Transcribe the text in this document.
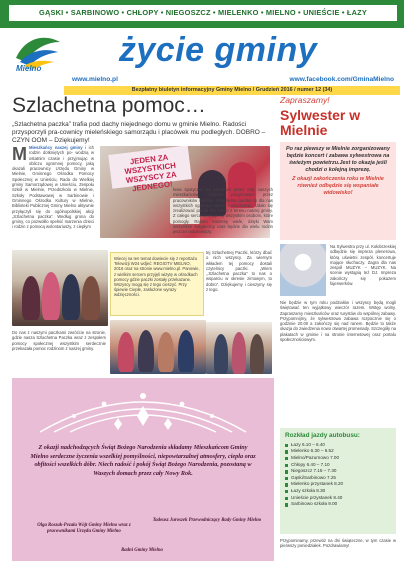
GĄSKI • SARBINOWO • CHŁOPY • NIEGOSZCZ • MIELENKO • MIELNO • UNIEŚCIE • ŁAZY
Mielno	życie gminy
www.mielno.pl	www.facebook.com/GminaMielno
Bezpłatny biuletyn informacyjny Gminy Mielno / Grudzień 2016 / numer 12 (34)
Szlachetna pomoc…
„Szlachetna paczka” trafia pod dachy niejednego domu w gminie Mielno. Radości przysporzyli pra-cownicy mieleńskiego samorządu i placówek mu podległych. DOBRO – CZYN OOM – Dziękujemy!
M Mieszkańcy naszej gminy i ich rodzin dotkniętych po- wodzią w ostatnim czasie i przyjmując w obliczu ogromnej pomocy, jaką okazali pracownicy Urzędu Gminy w Mielnie, Gminnego Ośrodka Pomocy Społecznej w Unieściu, Rada do Wielkiej gminy Samorządowej w Unieściu, Zespołu Szkół w Mielnie, Przedszkola w Mielnie, Szkoły Podstawowej w Sarbinowie i Gminnego Ośrodka Kultury w Mielnie, Biblioteki Publicznej Gminy Mielno aktywnie przyłączyli się do ogólnopolskiej akcji „Szlachetna paczka”. Według grona do gminy, co pozwoliło spełnić marzenia dzieci i rodzin z pomocą wolontariuszy, z ciepłym
JEDEN ZA WSZYSTKICH WSZYSCY ZA JEDNEGO! łowa spotyczni nią paczkach przez cały naszych mieszkańców. Głęboko przyjmowani przez pracowników rodzinę. Szlachetna paczka to dla nas wszystkich ogromna radość i wzruszenie. Udało się zrealizować paczki dla rodzin z terenu naszej gminy. Z całego serca Dziękujemy wszystkim osobom, które pomogły. Razem możemy wiele, dzięki Wam wszystkim świąteczny czas będzie dla wielu rodzin jeszcze radośniejszy.
Wiecej na ten temat dowiecie się z reportażu Telewizji W24 wdjeć: REGIOTV MIELNO, 2016 oraz na stronie www.mielno.pl. Panowie, z wielkim sercem przyjęli wizytę w ośrodkach pomocy gdzie paczki zostały przekazane. Wszyscy mogą się z tego cieszyć. Przy śpiewie Ciepłe, zasłużone wyrazy wdzięczności.
tej Szlachetnej Paczki, którzy dbać o nich wszyscy. Za wiernym wkładem tej pomocy dostali czytelnicy paczki. „Wiem ,,Szlachetna paczka” to nas o wsparciu w okresie zimowym, to dobro”. Dziękujemy i cieszymy się z tego.
Do nas z naszymi paczkami zwróćcie na stronie, gdzie nasza Szlachetna Paczka wraz z zespołem pomocy społecznej wszystkim serdecznie przekazała pomoc rodzinom z naszej gminy.
Z okazji nadchodzących Świąt Bożego Narodzenia składamy Mieszkańcom Gminy Mielno serdeczne życzenia wszelkiej pomyślności, niepowtarzalnej atmosfery, ciepła oraz obfitości wszelkich dóbr. Niech radość i pokój Świąt Bożego Narodzenia, pozostaną w Waszych domach przez cały Nowy Rok.
Olga Roszak-Pezała Wójt Gminy Mielno wraz z pracownikami Urzędu Gminy Mielno
Tadeusz Juroszek Przewodniczący Rady Gminy Mielno
Radni Gminy Mielno
Zapraszamy!
Sylwester w Mielnie
Po raz piewszy w Mielnie zorganizowany będzie koncert i zabawa sylwestrowa na świeżym powietrzu.Jest to okazja jeśli chodzi o kolejną imprezę.
Z okazji zakończenia roku w Mielnie również odbędzie się wspaniałe widowisko!
Na Sylwestra przy ul. Kołobrzeskiej odbędzie się impreza plenerowa, którą uświetni zespół, koncertuje mające słuchaczy. Zagra dla nas zespół MUZYK – MUZYK. Na scenie wystąpią też DJ. Impreza zakończy się pokazem fajerwerków.
Nie będzie w tym roku podziałów i wszyscy będą mogli świętować ten wyjątkowy wieczór razem. Wstęp wolny. Zapraszamy mieszkańców oraz turystów do wspólnej zabawy. Przypomnijmy, że sylwestrowa zabawa rozpocznie się o godzinie 20.00 a zakończy się nad ranem. Będzie to także okazja do zwiedzenia nowo otwartej promenady. Szczegóły na plakatach w gminie i na stronie internetowej oraz portalu społecznościowym.
Rozkład jazdy autobusu:
Łazy 6.10 – 6.40
Mielenko 6.30 – 6.52
Mielno/Pazurnowo 7.00
Chłopy 6.40 – 7.10
Niegoszcz 7.15 – 7.30
Gąski/Sarbinowo 7.25
Mielenko przystanek 8.20
Łazy szkoła 8.30
Unieście przystanek 8.40
Sarbinowo szkoła 9.00
Przypominamy, przewóz na dni świąteczne, w tym czasie w pierwszy poniedziałek. Pozdrawiamy!
